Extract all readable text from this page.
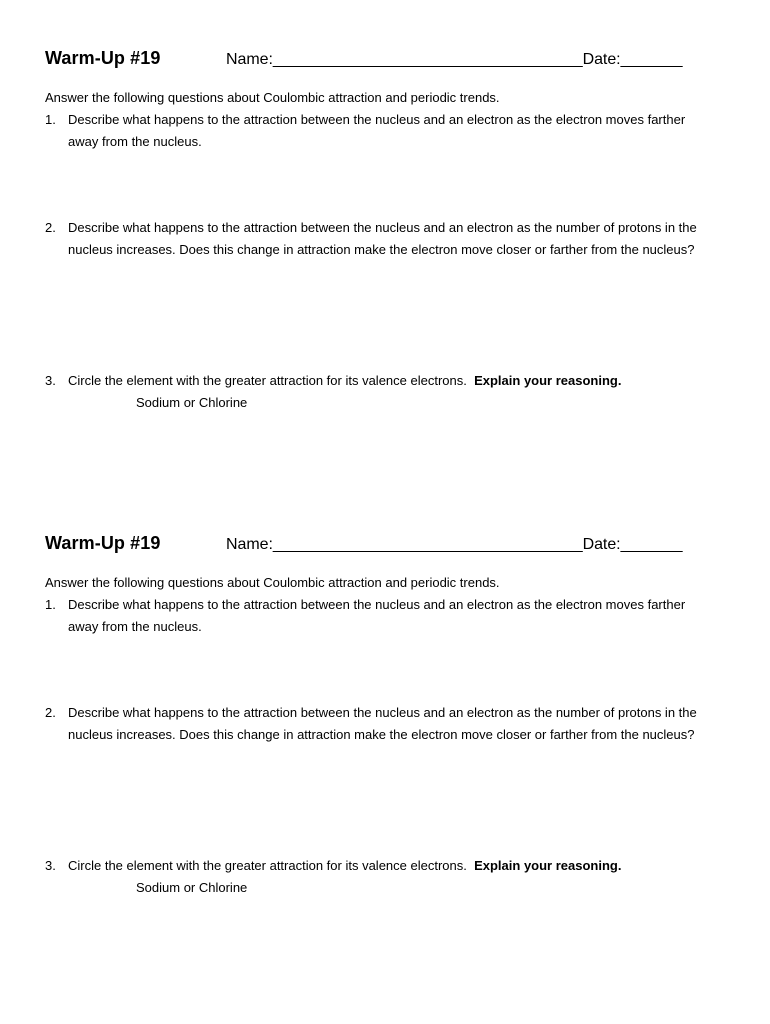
Warm-Up #19	Name:___________________________________Date:_______
Answer the following questions about Coulombic attraction and periodic trends.
1. Describe what happens to the attraction between the nucleus and an electron as the electron moves farther away from the nucleus.
2. Describe what happens to the attraction between the nucleus and an electron as the number of protons in the nucleus increases. Does this change in attraction make the electron move closer or farther from the nucleus?
3. Circle the element with the greater attraction for its valence electrons. Explain your reasoning.
Sodium or Chlorine
Warm-Up #19	Name:___________________________________Date:_______
Answer the following questions about Coulombic attraction and periodic trends.
1. Describe what happens to the attraction between the nucleus and an electron as the electron moves farther away from the nucleus.
2. Describe what happens to the attraction between the nucleus and an electron as the number of protons in the nucleus increases. Does this change in attraction make the electron move closer or farther from the nucleus?
3. Circle the element with the greater attraction for its valence electrons. Explain your reasoning.
Sodium or Chlorine
